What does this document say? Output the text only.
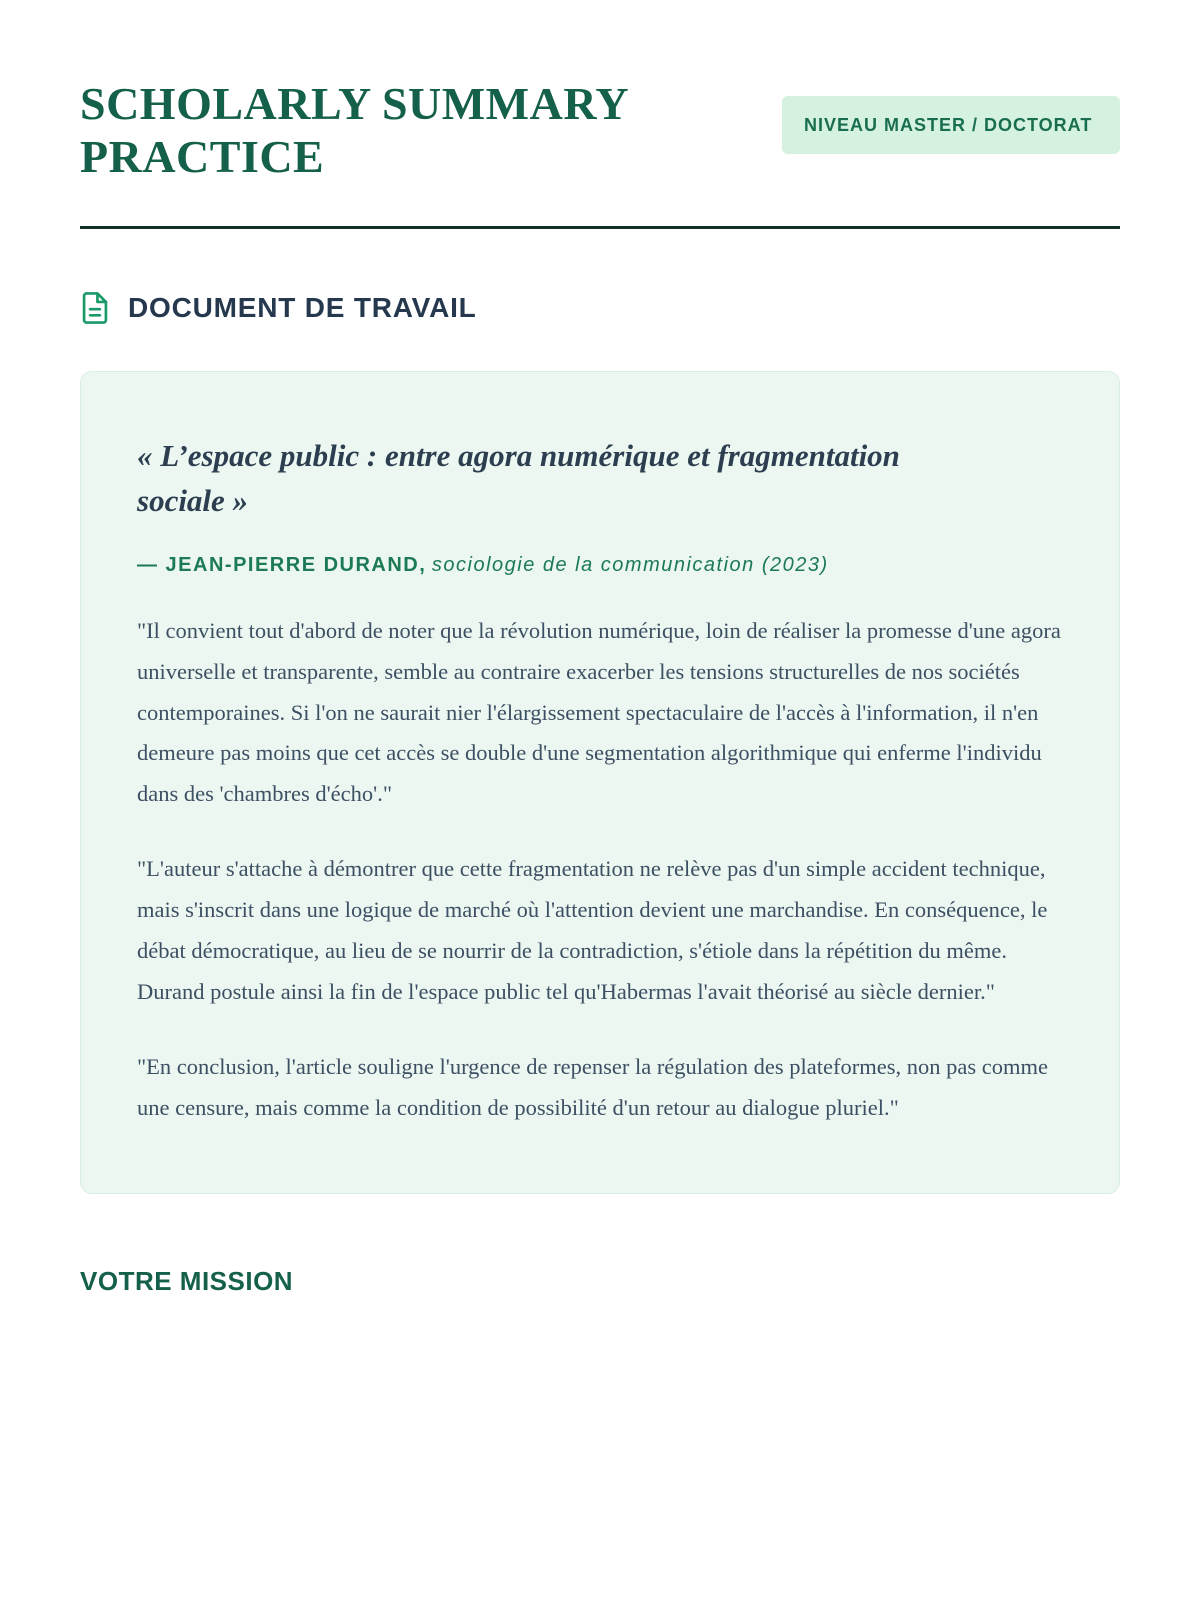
SCHOLARLY SUMMARY PRACTICE
NIVEAU MASTER / DOCTORAT
DOCUMENT DE TRAVAIL
« L’espace public : entre agora numérique et fragmentation sociale »
— JEAN-PIERRE DURAND, sociologie de la communication (2023)

"Il convient tout d'abord de noter que la révolution numérique, loin de réaliser la promesse d'une agora universelle et transparente, semble au contraire exacerber les tensions structurelles de nos sociétés contemporaines. Si l'on ne saurait nier l'élargissement spectaculaire de l'accès à l'information, il n'en demeure pas moins que cet accès se double d'une segmentation algorithmique qui enferme l'individu dans des 'chambres d'écho'."

"L'auteur s'attache à démontrer que cette fragmentation ne relève pas d'un simple accident technique, mais s'inscrit dans une logique de marché où l'attention devient une marchandise. En conséquence, le débat démocratique, au lieu de se nourrir de la contradiction, s'étiole dans la répétition du même. Durand postule ainsi la fin de l'espace public tel qu'Habermas l'avait théorisé au siècle dernier."

"En conclusion, l'article souligne l'urgence de repenser la régulation des plateformes, non pas comme une censure, mais comme la condition de possibilité d'un retour au dialogue pluriel."

VOTRE MISSION
